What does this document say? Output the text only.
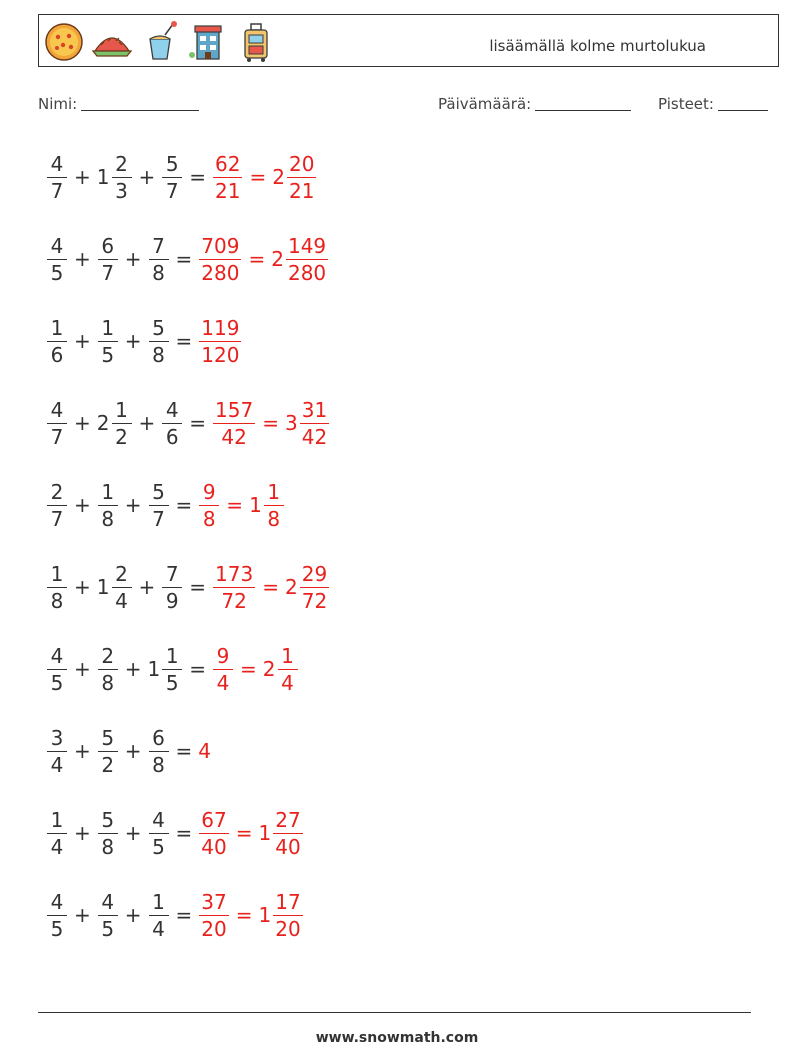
lisäämällä kolme murtolukua
Nimi:	Päivämäärä:	Pisteet:
$\frac{4}{7} + 1 \frac{2}{3} + \frac{5}{7} = \frac{62}{21} = 2 \frac{20}{21}$
$\frac{4}{5} + \frac{6}{7} + \frac{7}{8} = \frac{709}{280} = 2 \frac{149}{280}$
$\frac{1}{6} + \frac{1}{5} + \frac{5}{8} = \frac{119}{120}$
$\frac{4}{7} + 2 \frac{1}{2} + \frac{4}{6} = \frac{157}{42} = 3 \frac{31}{42}$
$\frac{2}{7} + \frac{1}{8} + \frac{5}{7} = \frac{9}{8} = 1 \frac{1}{8}$
$\frac{1}{8} + 1 \frac{2}{4} + \frac{7}{9} = \frac{173}{72} = 2 \frac{29}{72}$
$\frac{4}{5} + \frac{2}{8} + 1 \frac{1}{5} = \frac{9}{4} = 2 \frac{1}{4}$
$\frac{3}{4} + \frac{5}{2} + \frac{6}{8} = 4$
$\frac{1}{4} + \frac{5}{8} + \frac{4}{5} = \frac{67}{40} = 1 \frac{27}{40}$
$\frac{4}{5} + \frac{4}{5} + \frac{1}{4} = \frac{37}{20} = 1 \frac{17}{20}$
www.snowmath.com
